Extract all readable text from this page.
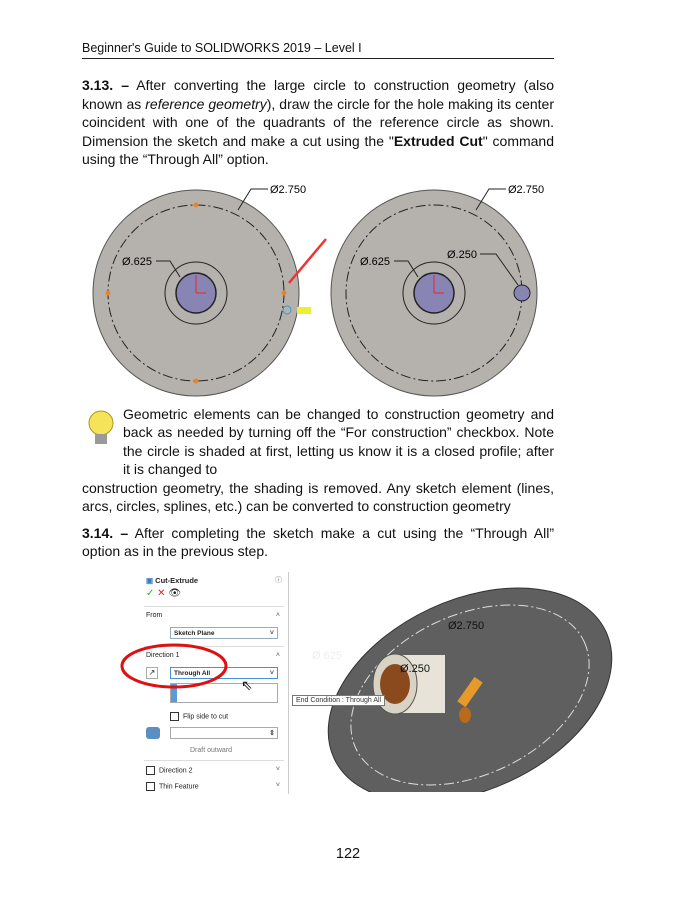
Beginner's Guide to SOLIDWORKS 2019 – Level I
3.13. – After converting the large circle to construction geometry (also known as reference geometry), draw the circle for the hole making its center coincident with one of the quadrants of the reference circle as shown. Dimension the sketch and make a cut using the "Extruded Cut" command using the “Through All” option.
Ø2.750
Ø.625
Ø2.750
Ø.625
Ø.250
Geometric elements can be changed to construction geometry and back as needed by turning off the “For construction” checkbox. Note the circle is shaded at first, letting us know it is a closed profile; after it is changed to
construction geometry, the shading is removed. Any sketch element (lines, arcs, circles, splines, etc.) can be converted to construction geometry
3.14. – After completing the sketch make a cut using the “Through All” option as in the previous step.
Ø2.750
Ø.625
Ø.250
▣ Cut-Extrude	ⓘ
✓ ✕ 👁
From	˄
Sketch Plane	˅
Direction 1	˄
↗	Through All	˅
Flip side to cut
⇕
Draft outward
Direction 2	˅
Thin Feature	˅
⇖
End Condition : Through All
122
